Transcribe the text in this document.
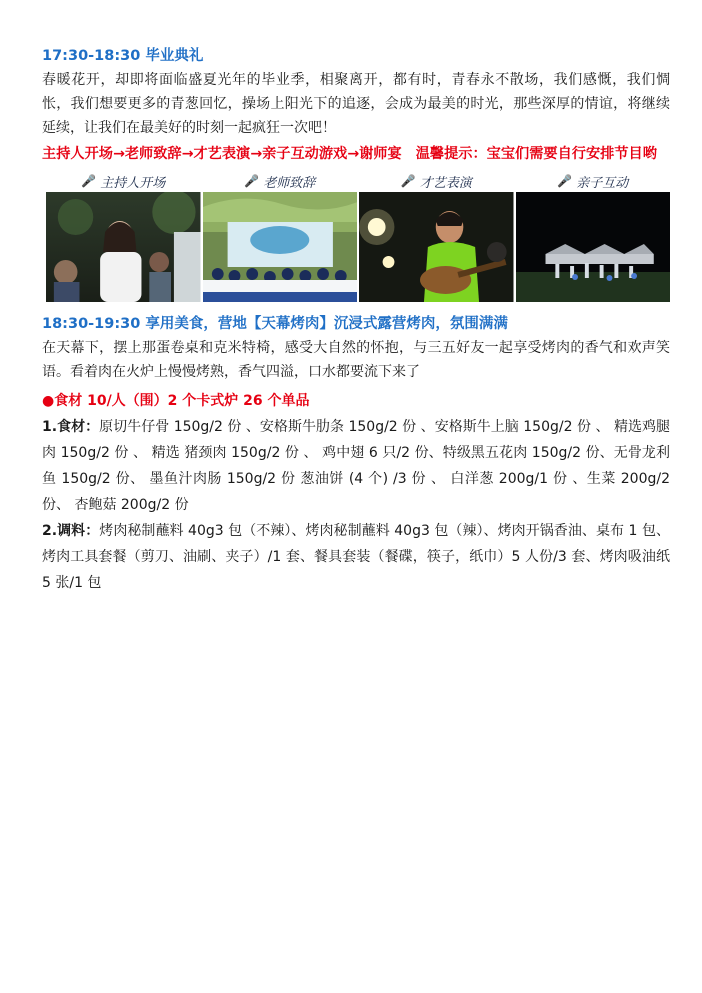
17:30-18:30 毕业典礼

春暖花开，却即将面临盛夏光年的毕业季，相聚离开，都有时，青春永不散场，我们感慨，我们惆怅，我们想要更多的青葱回忆，操场上阳光下的追逐，会成为最美的时光，那些深厚的情谊，将继续延续，让我们在最美好的时刻一起疯狂一次吧！

主持人开场→老师致辞→才艺表演→亲子互动游戏→谢师宴 温馨提示：宝宝们需要自行安排节目哟
🎤 主持人开场	🎤 老师致辞	🎤 才艺表演	🎤 亲子互动
18:30-19:30 享用美食，营地【天幕烤肉】沉浸式露营烤肉，氛围满满

在天幕下，摆上那蛋卷桌和克米特椅，感受大自然的怀抱，与三五好友一起享受烤肉的香气和欢声笑语。看着肉在火炉上慢慢烤熟，香气四溢，口水都要流下来了

●食材 10/人（围）2 个卡式炉 26 个单品

1.食材：原切牛仔骨 150g/2 份 、安格斯牛肋条 150g/2 份 、安格斯牛上脑 150g/2 份 、 精选鸡腿肉 150g/2 份 、 精选 猪颈肉 150g/2 份 、 鸡中翅 6 只/2 份、特级黑五花肉 150g/2 份、无骨龙利鱼 150g/2 份、 墨鱼汁肉肠 150g/2 份 葱油饼 (4 个) /3 份 、 白洋葱 200g/1 份 、生菜 200g/2 份、 杏鲍菇 200g/2 份

2.调料：烤肉秘制蘸料 40g3 包（不辣）、烤肉秘制蘸料 40g3 包（辣）、烤肉开锅香油、桌布 1 包、烤肉工具套餐（剪刀、油刷、夹子）/1 套、餐具套装（餐碟，筷子，纸巾）5 人份/3 套、烤肉吸油纸 5 张/1 包
